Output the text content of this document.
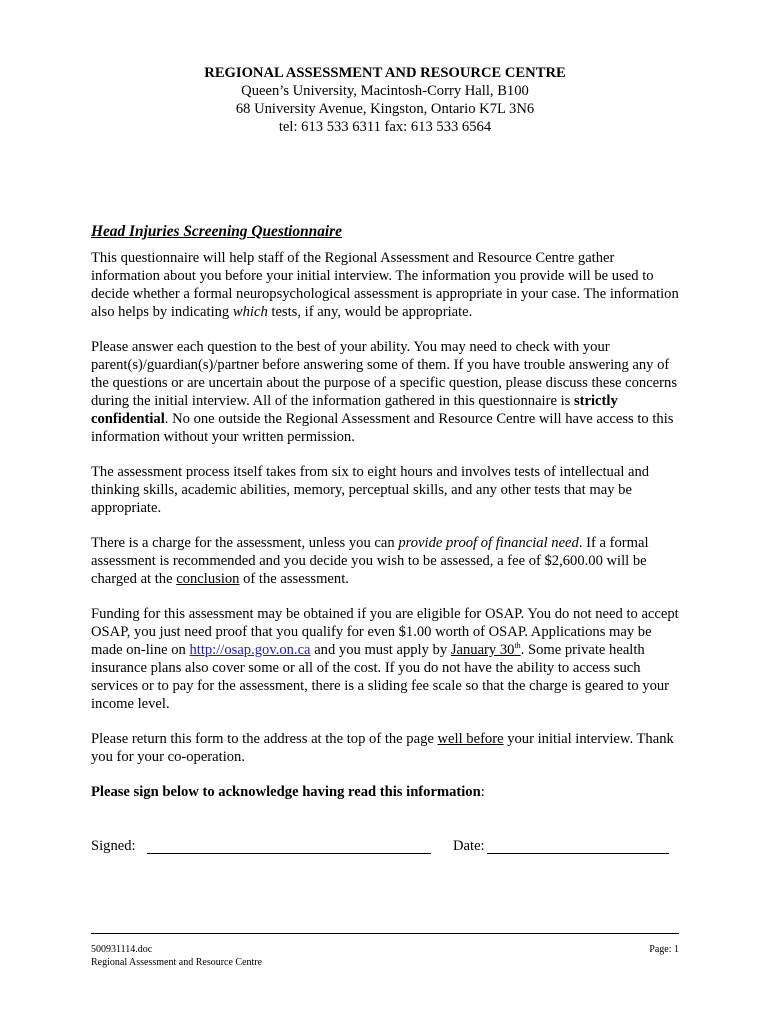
REGIONAL ASSESSMENT AND RESOURCE CENTRE
Queen’s University, Macintosh-Corry Hall, B100
68 University Avenue, Kingston, Ontario K7L 3N6
tel: 613 533 6311 fax: 613 533 6564
Head Injuries Screening Questionnaire

This questionnaire will help staff of the Regional Assessment and Resource Centre gather information about you before your initial interview. The information you provide will be used to decide whether a formal neuropsychological assessment is appropriate in your case. The information also helps by indicating which tests, if any, would be appropriate.

Please answer each question to the best of your ability. You may need to check with your parent(s)/guardian(s)/partner before answering some of them. If you have trouble answering any of the questions or are uncertain about the purpose of a specific question, please discuss these concerns during the initial interview. All of the information gathered in this questionnaire is strictly confidential. No one outside the Regional Assessment and Resource Centre will have access to this information without your written permission.

The assessment process itself takes from six to eight hours and involves tests of intellectual and thinking skills, academic abilities, memory, perceptual skills, and any other tests that may be appropriate.

There is a charge for the assessment, unless you can provide proof of financial need. If a formal assessment is recommended and you decide you wish to be assessed, a fee of $2,600.00 will be charged at the conclusion of the assessment.

Funding for this assessment may be obtained if you are eligible for OSAP. You do not need to accept OSAP, you just need proof that you qualify for even $1.00 worth of OSAP. Applications may be made on-line on http://osap.gov.on.ca and you must apply by January 30th. Some private health insurance plans also cover some or all of the cost. If you do not have the ability to access such services or to pay for the assessment, there is a sliding fee scale so that the charge is geared to your income level.

Please return this form to the address at the top of the page well before your initial interview. Thank you for your co-operation.

Please sign below to acknowledge having read this information:

Signed:	Date:
500931114.doc
Regional Assessment and Resource Centre
Page: 1
